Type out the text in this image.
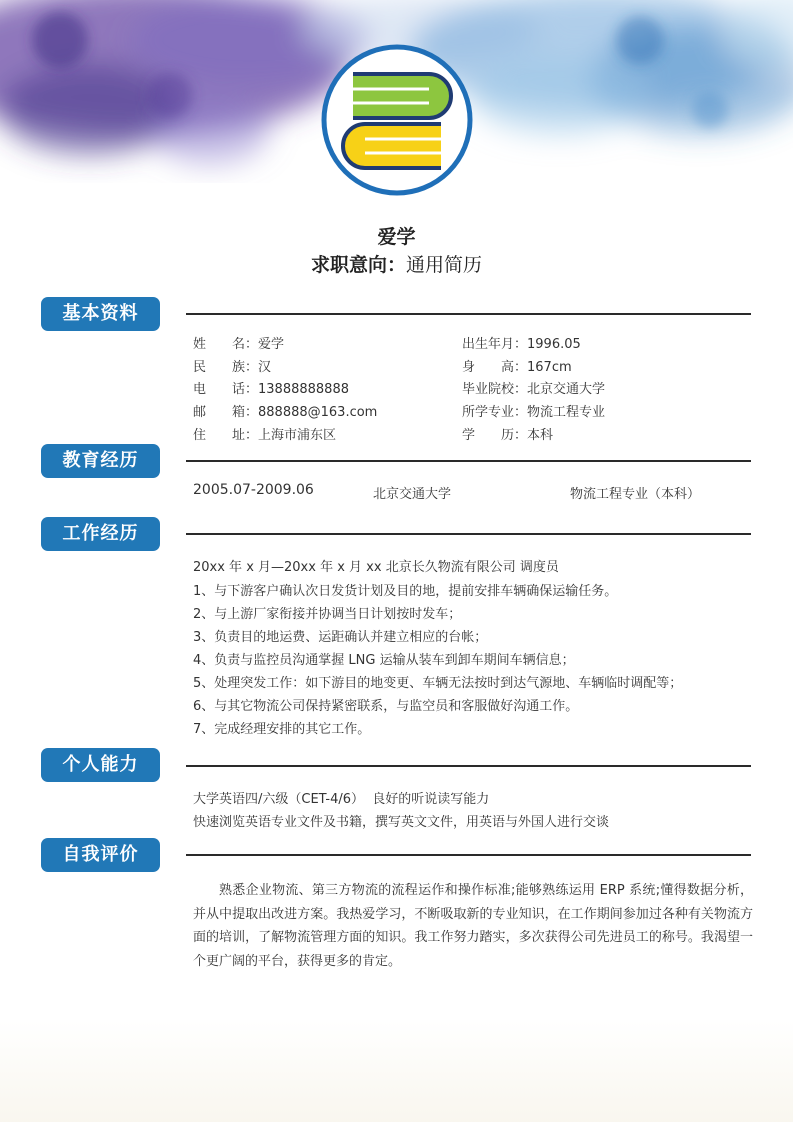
爱学
求职意向：通用简历
基本资料
姓　　名：爱学
民　　族：汉
电　　话：13888888888
邮　　箱：888888@163.com
住　　址：上海市浦东区
出生年月：1996.05
身　　高：167cm
毕业院校：北京交通大学
所学专业：物流工程专业
学　　历：本科
教育经历
2005.07-2009.06	北京交通大学	物流工程专业（本科）
工作经历
20xx 年 x 月—20xx 年 x 月 xx 北京长久物流有限公司 调度员
1、与下游客户确认次日发货计划及目的地，提前安排车辆确保运输任务。
2、与上游厂家衔接并协调当日计划按时发车；
3、负责目的地运费、运距确认并建立相应的台帐；
4、负责与监控员沟通掌握 LNG 运输从装车到卸车期间车辆信息；
5、处理突发工作：如下游目的地变更、车辆无法按时到达气源地、车辆临时调配等；
6、与其它物流公司保持紧密联系，与监空员和客服做好沟通工作。
7、完成经理安排的其它工作。
个人能力
大学英语四/六级（CET-4/6）  良好的听说读写能力
快速浏览英语专业文件及书籍，撰写英文文件，用英语与外国人进行交谈
自我评价
熟悉企业物流、第三方物流的流程运作和操作标准;能够熟练运用 ERP 系统;懂得数据分析，并从中提取出改进方案。我热爱学习，不断吸取新的专业知识，在工作期间参加过各种有关物流方面的培训，了解物流管理方面的知识。我工作努力踏实，多次获得公司先进员工的称号。我渴望一个更广阔的平台，获得更多的肯定。
